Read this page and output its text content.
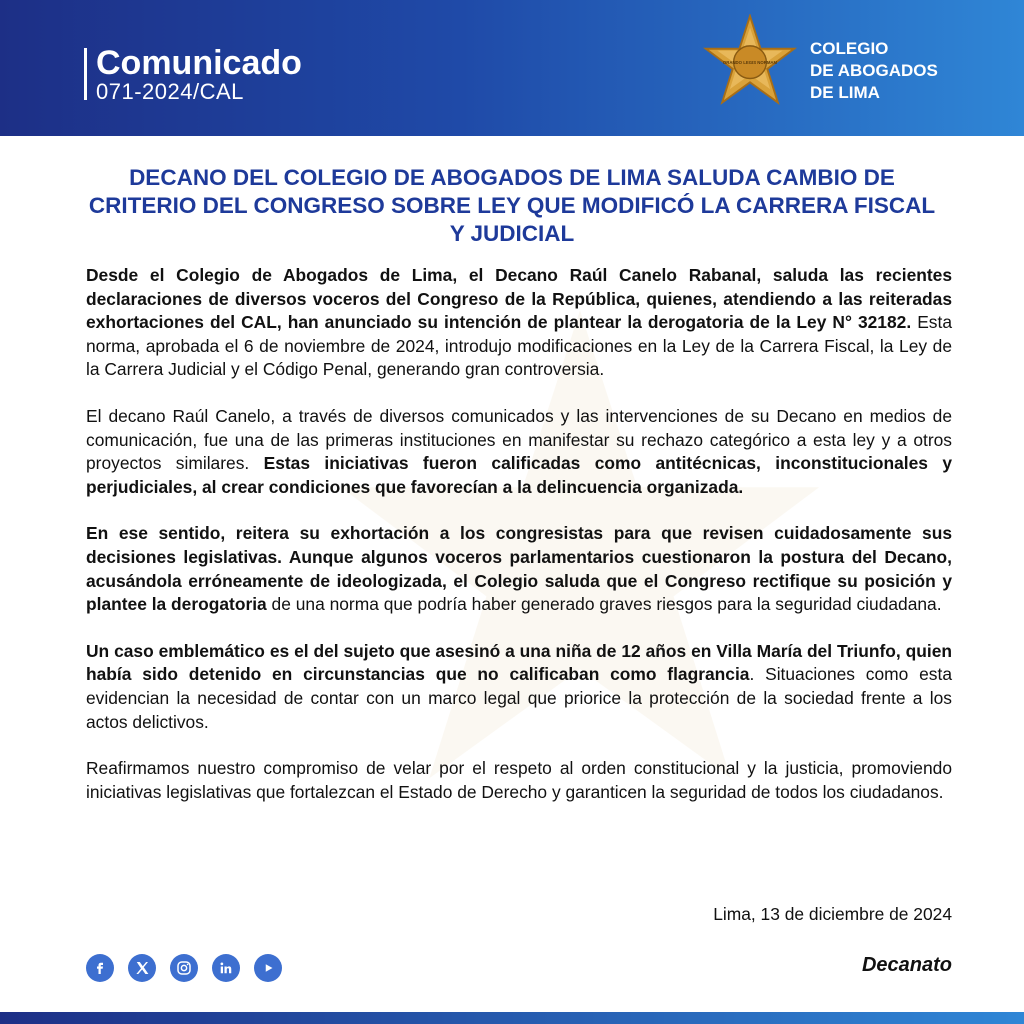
Comunicado
071-2024/CAL
ORANDO LEGIS NORMAM
COLEGIO
DE ABOGADOS
DE LIMA
DECANO DEL COLEGIO DE ABOGADOS DE LIMA SALUDA CAMBIO DE CRITERIO DEL CONGRESO SOBRE LEY QUE MODIFICÓ LA CARRERA FISCAL Y JUDICIAL

Desde el Colegio de Abogados de Lima, el Decano Raúl Canelo Rabanal, saluda las recientes declaraciones de diversos voceros del Congreso de la República, quienes, atendiendo a las reiteradas exhortaciones del CAL, han anunciado su intención de plantear la derogatoria de la Ley N° 32182. Esta norma, aprobada el 6 de noviembre de 2024, introdujo modificaciones en la Ley de la Carrera Fiscal, la Ley de la Carrera Judicial y el Código Penal, generando gran controversia.

El decano Raúl Canelo, a través de diversos comunicados y las intervenciones de su Decano en medios de comunicación, fue una de las primeras instituciones en manifestar su rechazo categórico a esta ley y a otros proyectos similares. Estas iniciativas fueron calificadas como antitécnicas, inconstitucionales y perjudiciales, al crear condiciones que favorecían a la delincuencia organizada.

En ese sentido, reitera su exhortación a los congresistas para que revisen cuidadosamente sus decisiones legislativas. Aunque algunos voceros parlamentarios cuestionaron la postura del Decano, acusándola erróneamente de ideologizada, el Colegio saluda que el Congreso rectifique su posición y plantee la derogatoria de una norma que podría haber generado graves riesgos para la seguridad ciudadana.

Un caso emblemático es el del sujeto que asesinó a una niña de 12 años en Villa María del Triunfo, quien había sido detenido en circunstancias que no calificaban como flagrancia. Situaciones como esta evidencian la necesidad de contar con un marco legal que priorice la protección de la sociedad frente a los actos delictivos.

Reafirmamos nuestro compromiso de velar por el respeto al orden constitucional y la justicia, promoviendo iniciativas legislativas que fortalezcan el Estado de Derecho y garanticen la seguridad de todos los ciudadanos.

Lima, 13 de diciembre de 2024
Decanato
